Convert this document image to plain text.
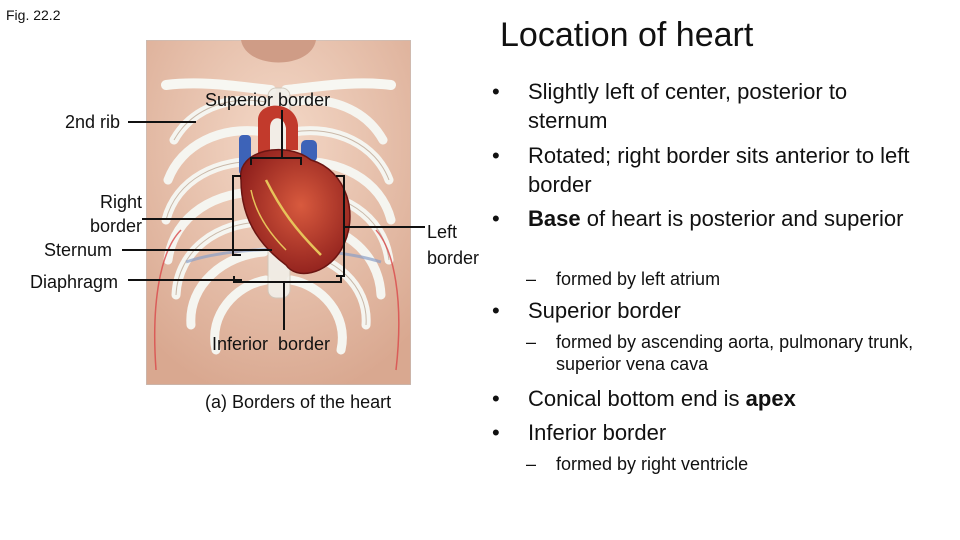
Fig. 22.2
Location of heart
2nd rib
Superior border
Right
border
Sternum
Diaphragm
Left
border
Inferior  border
(a) Borders of the heart
•	Slightly left of center, posterior to sternum
•	Rotated; right border sits anterior to left border
•	Base of heart is posterior and superior
–	formed by left atrium
•	Superior border
–	formed by ascending aorta, pulmonary trunk, superior vena cava
•	Conical bottom end is apex
•	Inferior border
–	formed by right ventricle
